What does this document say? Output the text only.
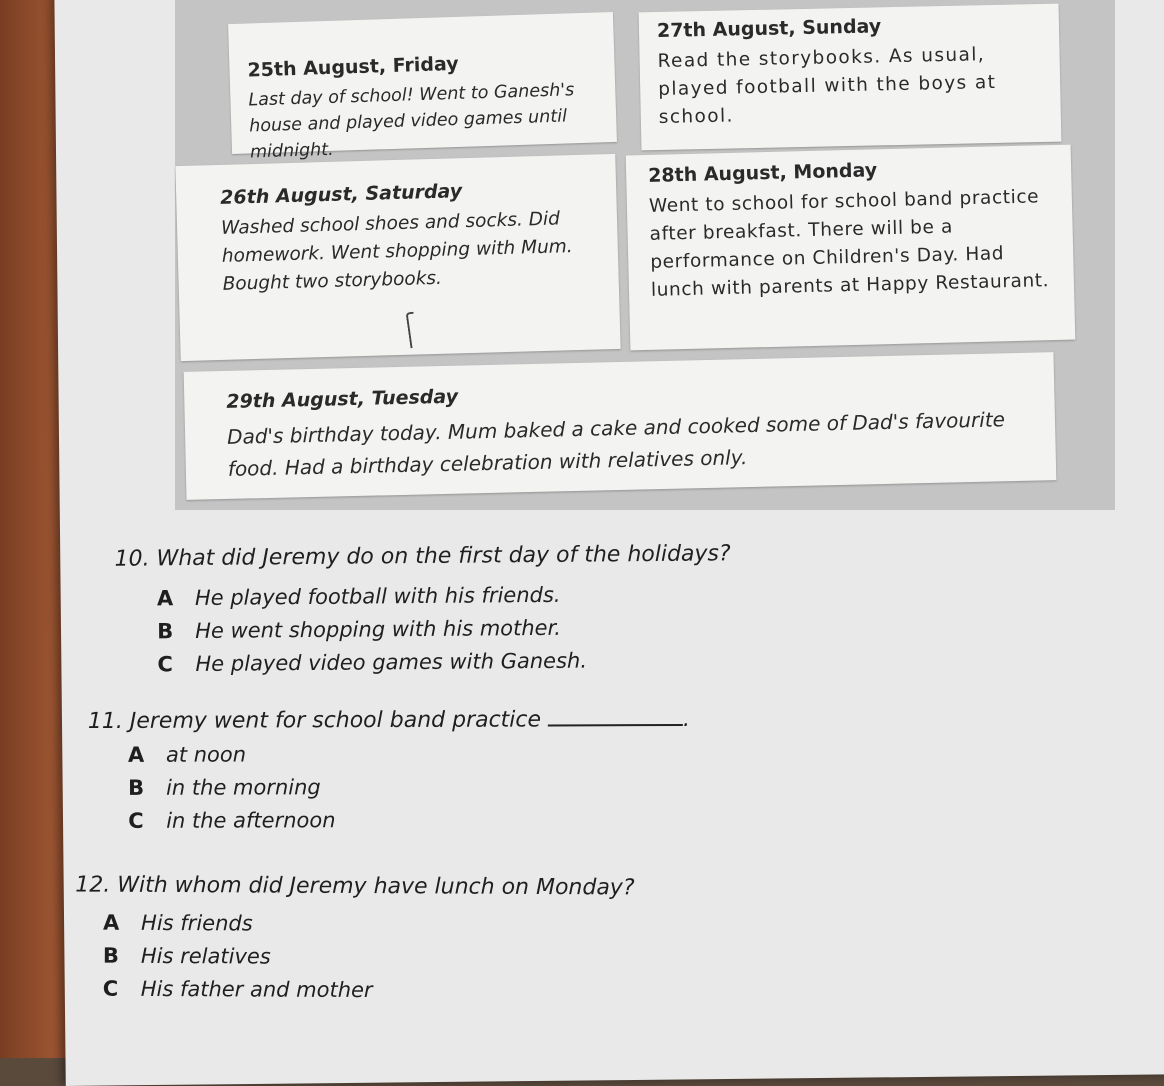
25th August, Friday
Last day of school! Went to Ganesh's house and played video games until midnight.
27th August, Sunday
Read the storybooks. As usual, played football with the boys at school.
26th August, Saturday
Washed school shoes and socks. Did homework. Went shopping with Mum. Bought two storybooks.
28th August, Monday
Went to school for school band practice after breakfast. There will be a performance on Children's Day. Had lunch with parents at Happy Restaurant.
29th August, Tuesday
Dad's birthday today. Mum baked a cake and cooked some of Dad's favourite food. Had a birthday celebration with relatives only.
10. What did Jeremy do on the first day of the holidays?
A He played football with his friends.
B He went shopping with his mother.
C He played video games with Ganesh.
11. Jeremy went for school band practice	.
A at noon
B in the morning
C in the afternoon
12. With whom did Jeremy have lunch on Monday?
A His friends
B His relatives
C His father and mother
